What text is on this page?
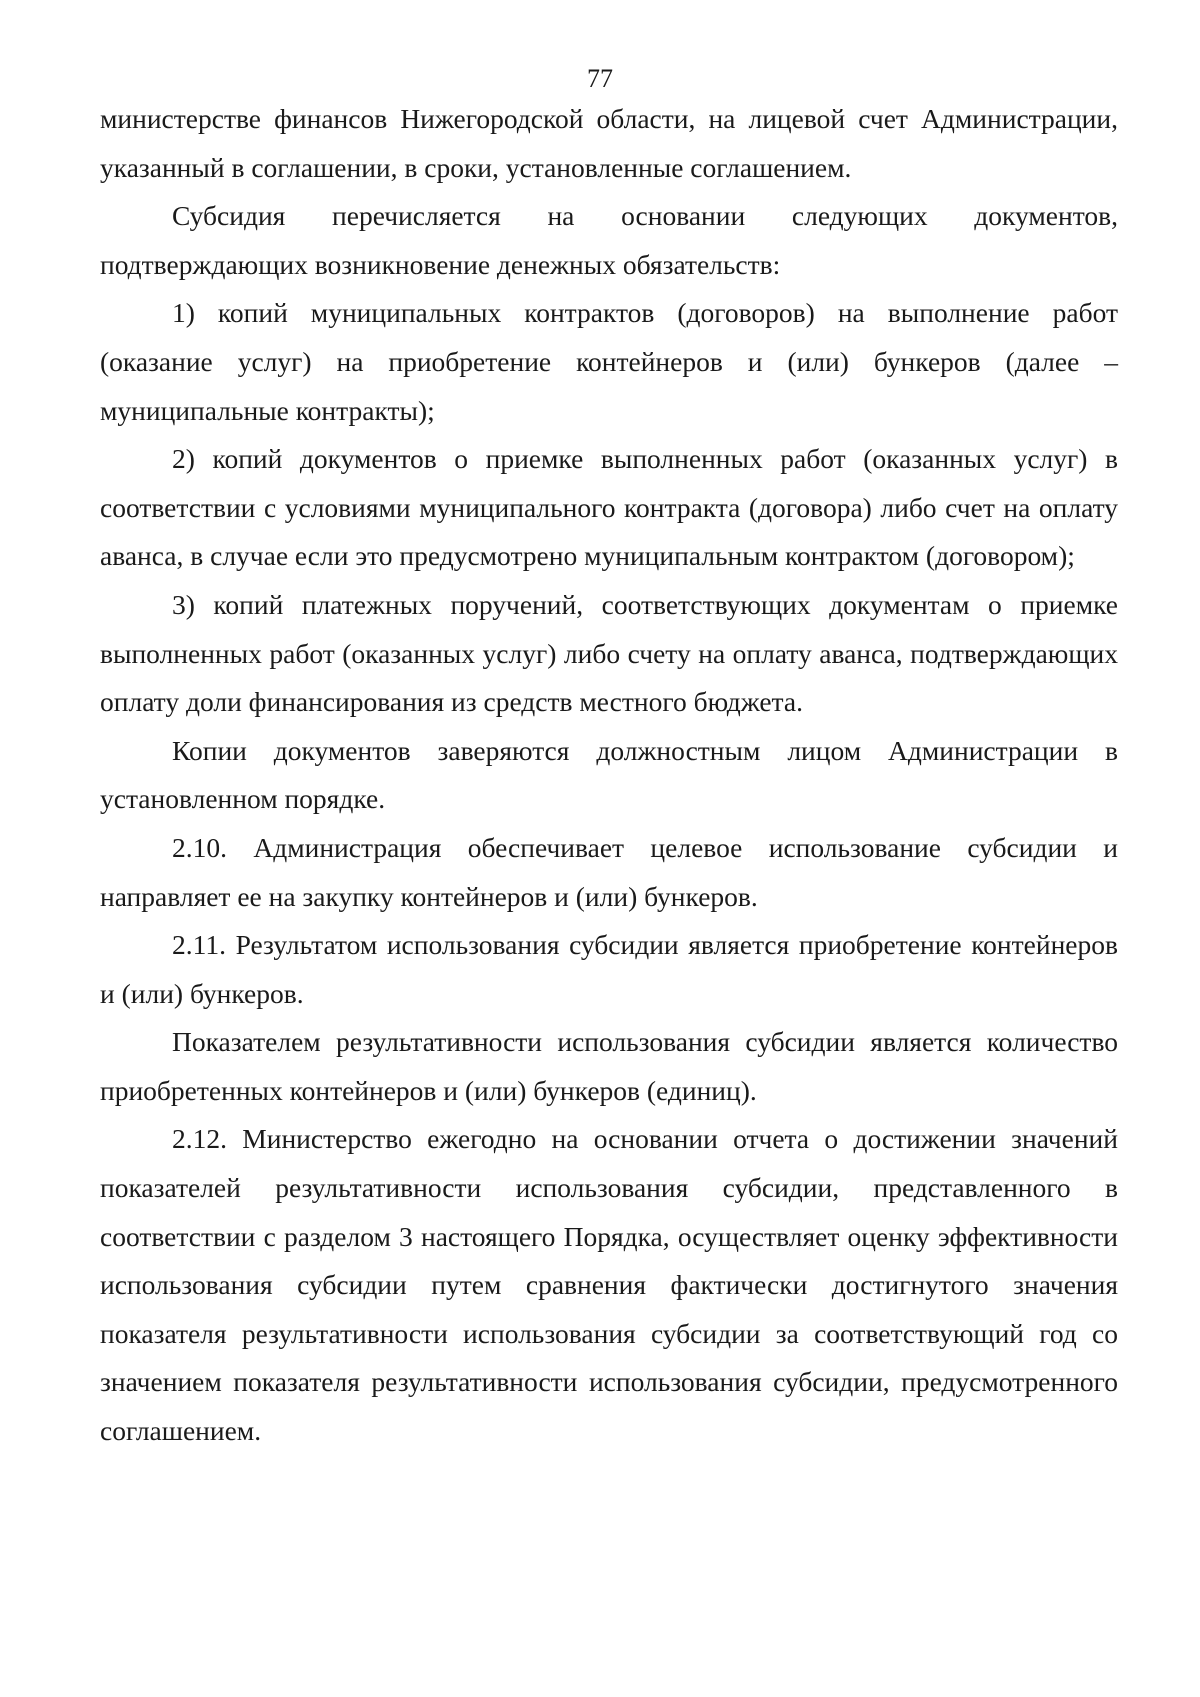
77

министерстве финансов Нижегородской области, на лицевой счет Администрации, указанный в соглашении, в сроки, установленные соглашением.

Субсидия перечисляется на основании следующих документов, подтверждающих возникновение денежных обязательств:

1) копий муниципальных контрактов (договоров) на выполнение работ (оказание услуг) на приобретение контейнеров и (или) бункеров (далее – муниципальные контракты);

2) копий документов о приемке выполненных работ (оказанных услуг) в соответствии с условиями муниципального контракта (договора) либо счет на оплату аванса, в случае если это предусмотрено муниципальным контрактом (договором);

3) копий платежных поручений, соответствующих документам о приемке выполненных работ (оказанных услуг) либо счету на оплату аванса, подтверждающих оплату доли финансирования из средств местного бюджета.

Копии документов заверяются должностным лицом Администрации в установленном порядке.

2.10. Администрация обеспечивает целевое использование субсидии и направляет ее на закупку контейнеров и (или) бункеров.

2.11. Результатом использования субсидии является приобретение контейнеров и (или) бункеров.

Показателем результативности использования субсидии является количество приобретенных контейнеров и (или) бункеров (единиц).

2.12. Министерство ежегодно на основании отчета о достижении значений показателей результативности использования субсидии, представленного в соответствии с разделом 3 настоящего Порядка, осуществляет оценку эффективности использования субсидии путем сравнения фактически достигнутого значения показателя результативности использования субсидии за соответствующий год со значением показателя результативности использования субсидии, предусмотренного соглашением.
